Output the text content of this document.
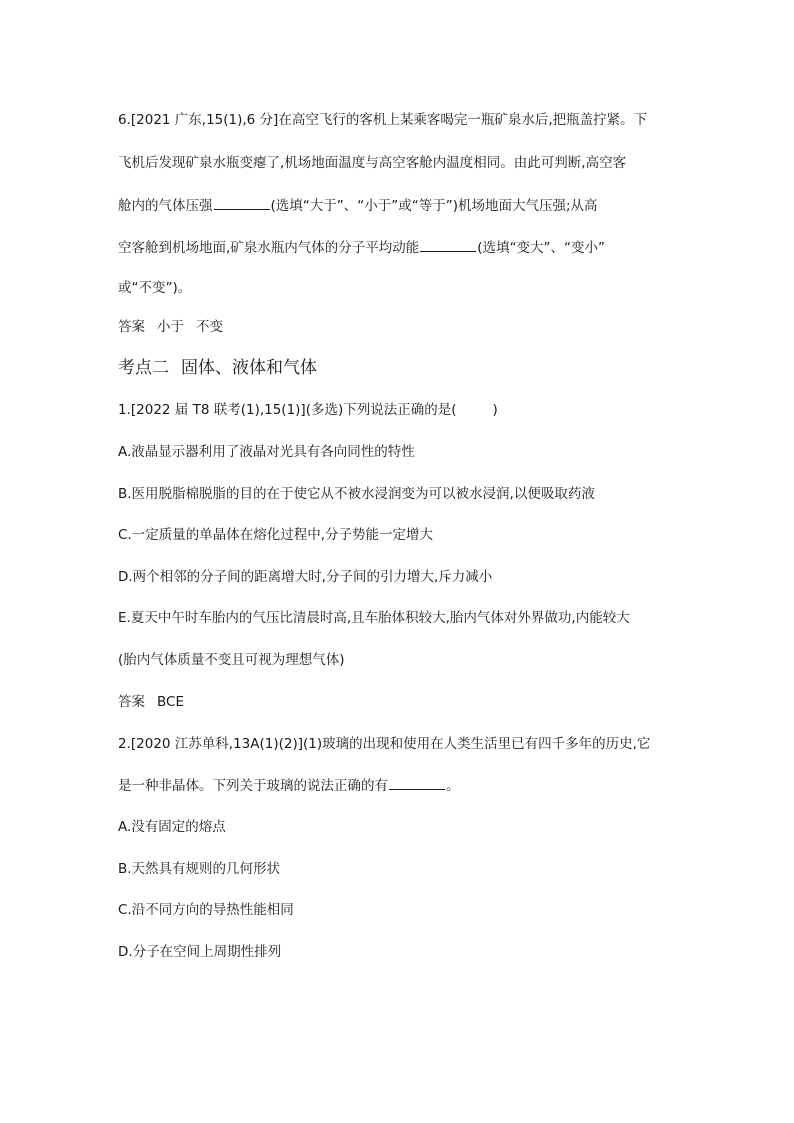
6.[2021 广东,15(1),6 分]在高空飞行的客机上某乘客喝完一瓶矿泉水后,把瓶盖拧紧。下
飞机后发现矿泉水瓶变瘪了,机场地面温度与高空客舱内温度相同。由此可判断,高空客
舱内的气体压强	(选填“大于”、“小于”或“等于”)机场地面大气压强;从高
空客舱到机场地面,矿泉水瓶内气体的分子平均动能	(选填“变大”、“变小”
或“不变”)。
答案 小于 不变
考点二 固体、液体和气体
1.[2022 届 T8 联考(1),15(1)](多选)下列说法正确的是(	)
A.液晶显示器利用了液晶对光具有各向同性的特性
B.医用脱脂棉脱脂的目的在于使它从不被水浸润变为可以被水浸润,以便吸取药液
C.一定质量的单晶体在熔化过程中,分子势能一定增大
D.两个相邻的分子间的距离增大时,分子间的引力增大,斥力减小
E.夏天中午时车胎内的气压比清晨时高,且车胎体积较大,胎内气体对外界做功,内能较大
(胎内气体质量不变且可视为理想气体)
答案 BCE
2.[2020 江苏单科,13A(1)(2)](1)玻璃的出现和使用在人类生活里已有四千多年的历史,它
是一种非晶体。下列关于玻璃的说法正确的有	。
A.没有固定的熔点
B.天然具有规则的几何形状
C.沿不同方向的导热性能相同
D.分子在空间上周期性排列
